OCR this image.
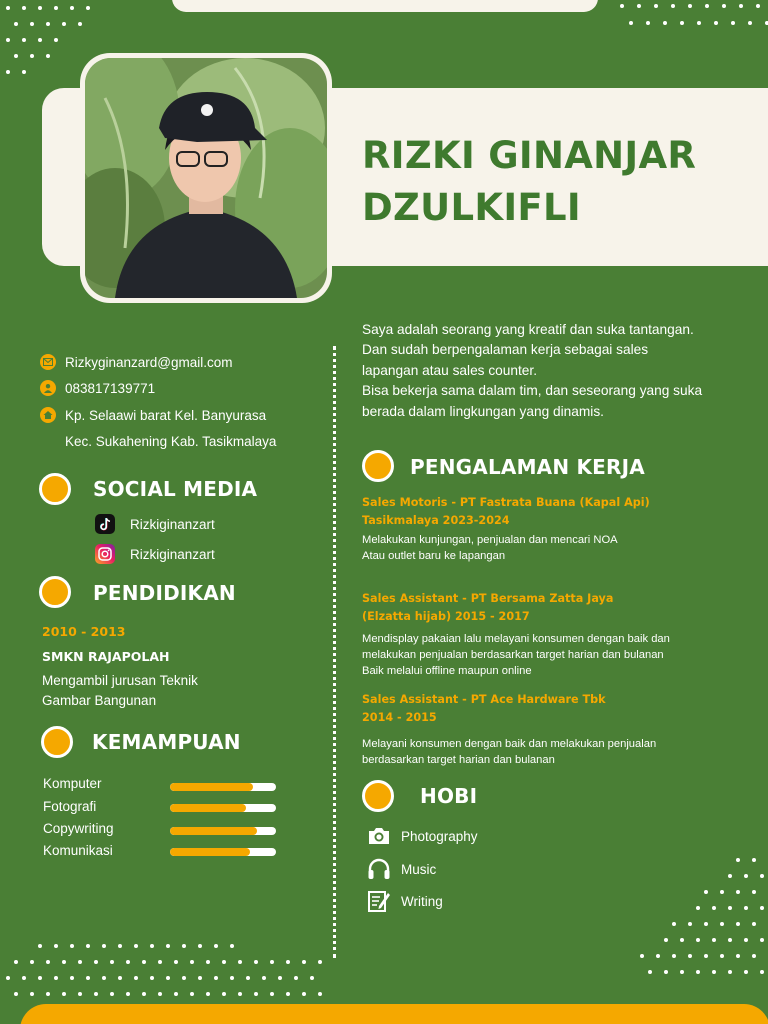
RIZKI GINANJAR
DZULKIFLI
Saya adalah seorang yang kreatif dan suka tantangan.
Dan sudah berpengalaman kerja sebagai sales
lapangan atau sales counter.
Bisa bekerja sama dalam tim, dan seseorang yang suka
berada dalam lingkungan yang dinamis.
Rizkyginanzard@gmail.com
083817139771
Kp. Selaawi barat Kel. Banyurasa
Kec. Sukahening Kab. Tasikmalaya
SOCIAL MEDIA
Rizkiginanzart
Rizkiginanzart
PENDIDIKAN
2010 - 2013
SMKN RAJAPOLAH
Mengambil jurusan Teknik
Gambar Bangunan
KEMAMPUAN
Komputer
Fotografi
Copywriting
Komunikasi
PENGALAMAN KERJA
Sales Motoris - PT Fastrata Buana (Kapal Api)
Tasikmalaya 2023-2024
Melakukan kunjungan, penjualan dan mencari NOA
Atau outlet baru ke lapangan
Sales Assistant - PT Bersama Zatta Jaya
(Elzatta hijab) 2015 - 2017
Mendisplay pakaian lalu melayani konsumen dengan baik dan
melakukan penjualan berdasarkan target harian dan bulanan
Baik melalui offline maupun online
Sales Assistant - PT Ace Hardware Tbk
2014 - 2015
Melayani konsumen dengan baik dan melakukan penjualan
berdasarkan target harian dan bulanan
HOBI
Photography
Music
Writing
